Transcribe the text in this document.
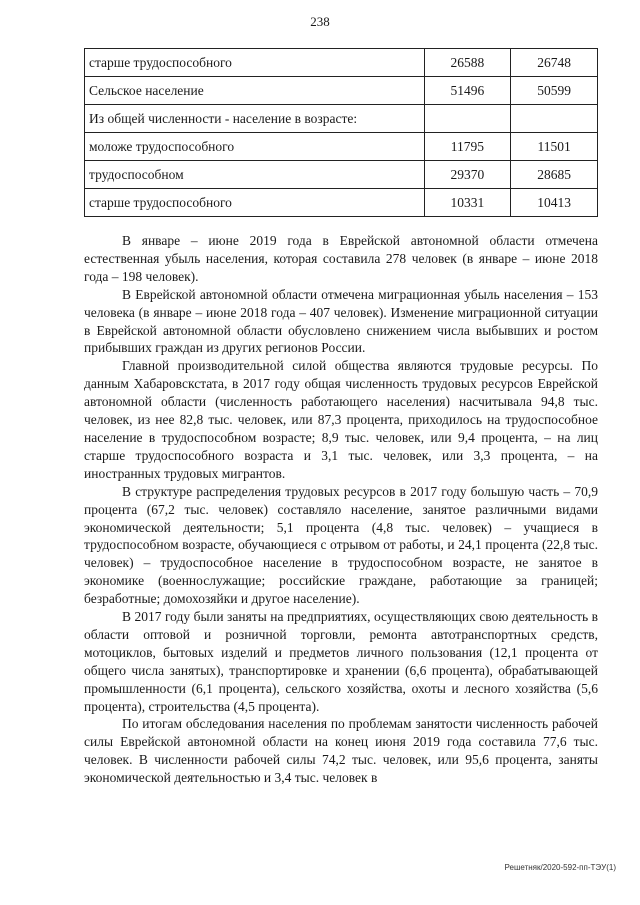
238
старше трудоспособного	26588	26748
Сельское население	51496	50599
Из общей численности - население в возрасте:		
моложе трудоспособного	11795	11501
трудоспособном	29370	28685
старше трудоспособного	10331	10413

В январе – июне 2019 года в Еврейской автономной области отмечена естественная убыль населения, которая составила 278 человек (в январе – июне 2018 года – 198 человек).

В Еврейской автономной области отмечена миграционная убыль населения – 153 человека (в январе – июне 2018 года – 407 человек). Изменение миграционной ситуации в Еврейской автономной области обусловлено снижением числа выбывших и ростом прибывших граждан из других регионов России.

Главной производительной силой общества являются трудовые ресурсы. По данным Хабаровскстата, в 2017 году общая численность трудовых ресурсов Еврейской автономной области (численность работающего населения) насчитывала 94,8 тыс. человек, из нее 82,8 тыс. человек, или 87,3 процента, приходилось на трудоспособное население в трудоспособном возрасте; 8,9 тыс. человек, или 9,4 процента, – на лиц старше трудоспособного возраста и 3,1 тыс. человек, или 3,3 процента, – на иностранных трудовых мигрантов.

В структуре распределения трудовых ресурсов в 2017 году большую часть – 70,9 процента (67,2 тыс. человек) составляло население, занятое различными видами экономической деятельности; 5,1 процента (4,8 тыс. человек) – учащиеся в трудоспособном возрасте, обучающиеся с отрывом от работы, и 24,1 процента (22,8 тыс. человек) – трудоспособное население в трудоспособном возрасте, не занятое в экономике (военнослужащие; российские граждане, работающие за границей; безработные; домохозяйки и другое население).

В 2017 году были заняты на предприятиях, осуществляющих свою деятельность в области оптовой и розничной торговли, ремонта автотранспортных средств, мотоциклов, бытовых изделий и предметов личного пользования (12,1 процента от общего числа занятых), транспортировке и хранении (6,6 процента), обрабатывающей промышленности (6,1 процента), сельского хозяйства, охоты и лесного хозяйства (5,6 процента), строительства (4,5 процента).

По итогам обследования населения по проблемам занятости численность рабочей силы Еврейской автономной области на конец июня 2019 года составила 77,6 тыс. человек. В численности рабочей силы 74,2 тыс. человек, или 95,6 процента, заняты экономической деятельностью и 3,4 тыс. человек в

Решетняк/2020-592-пп-ТЭУ(1)
